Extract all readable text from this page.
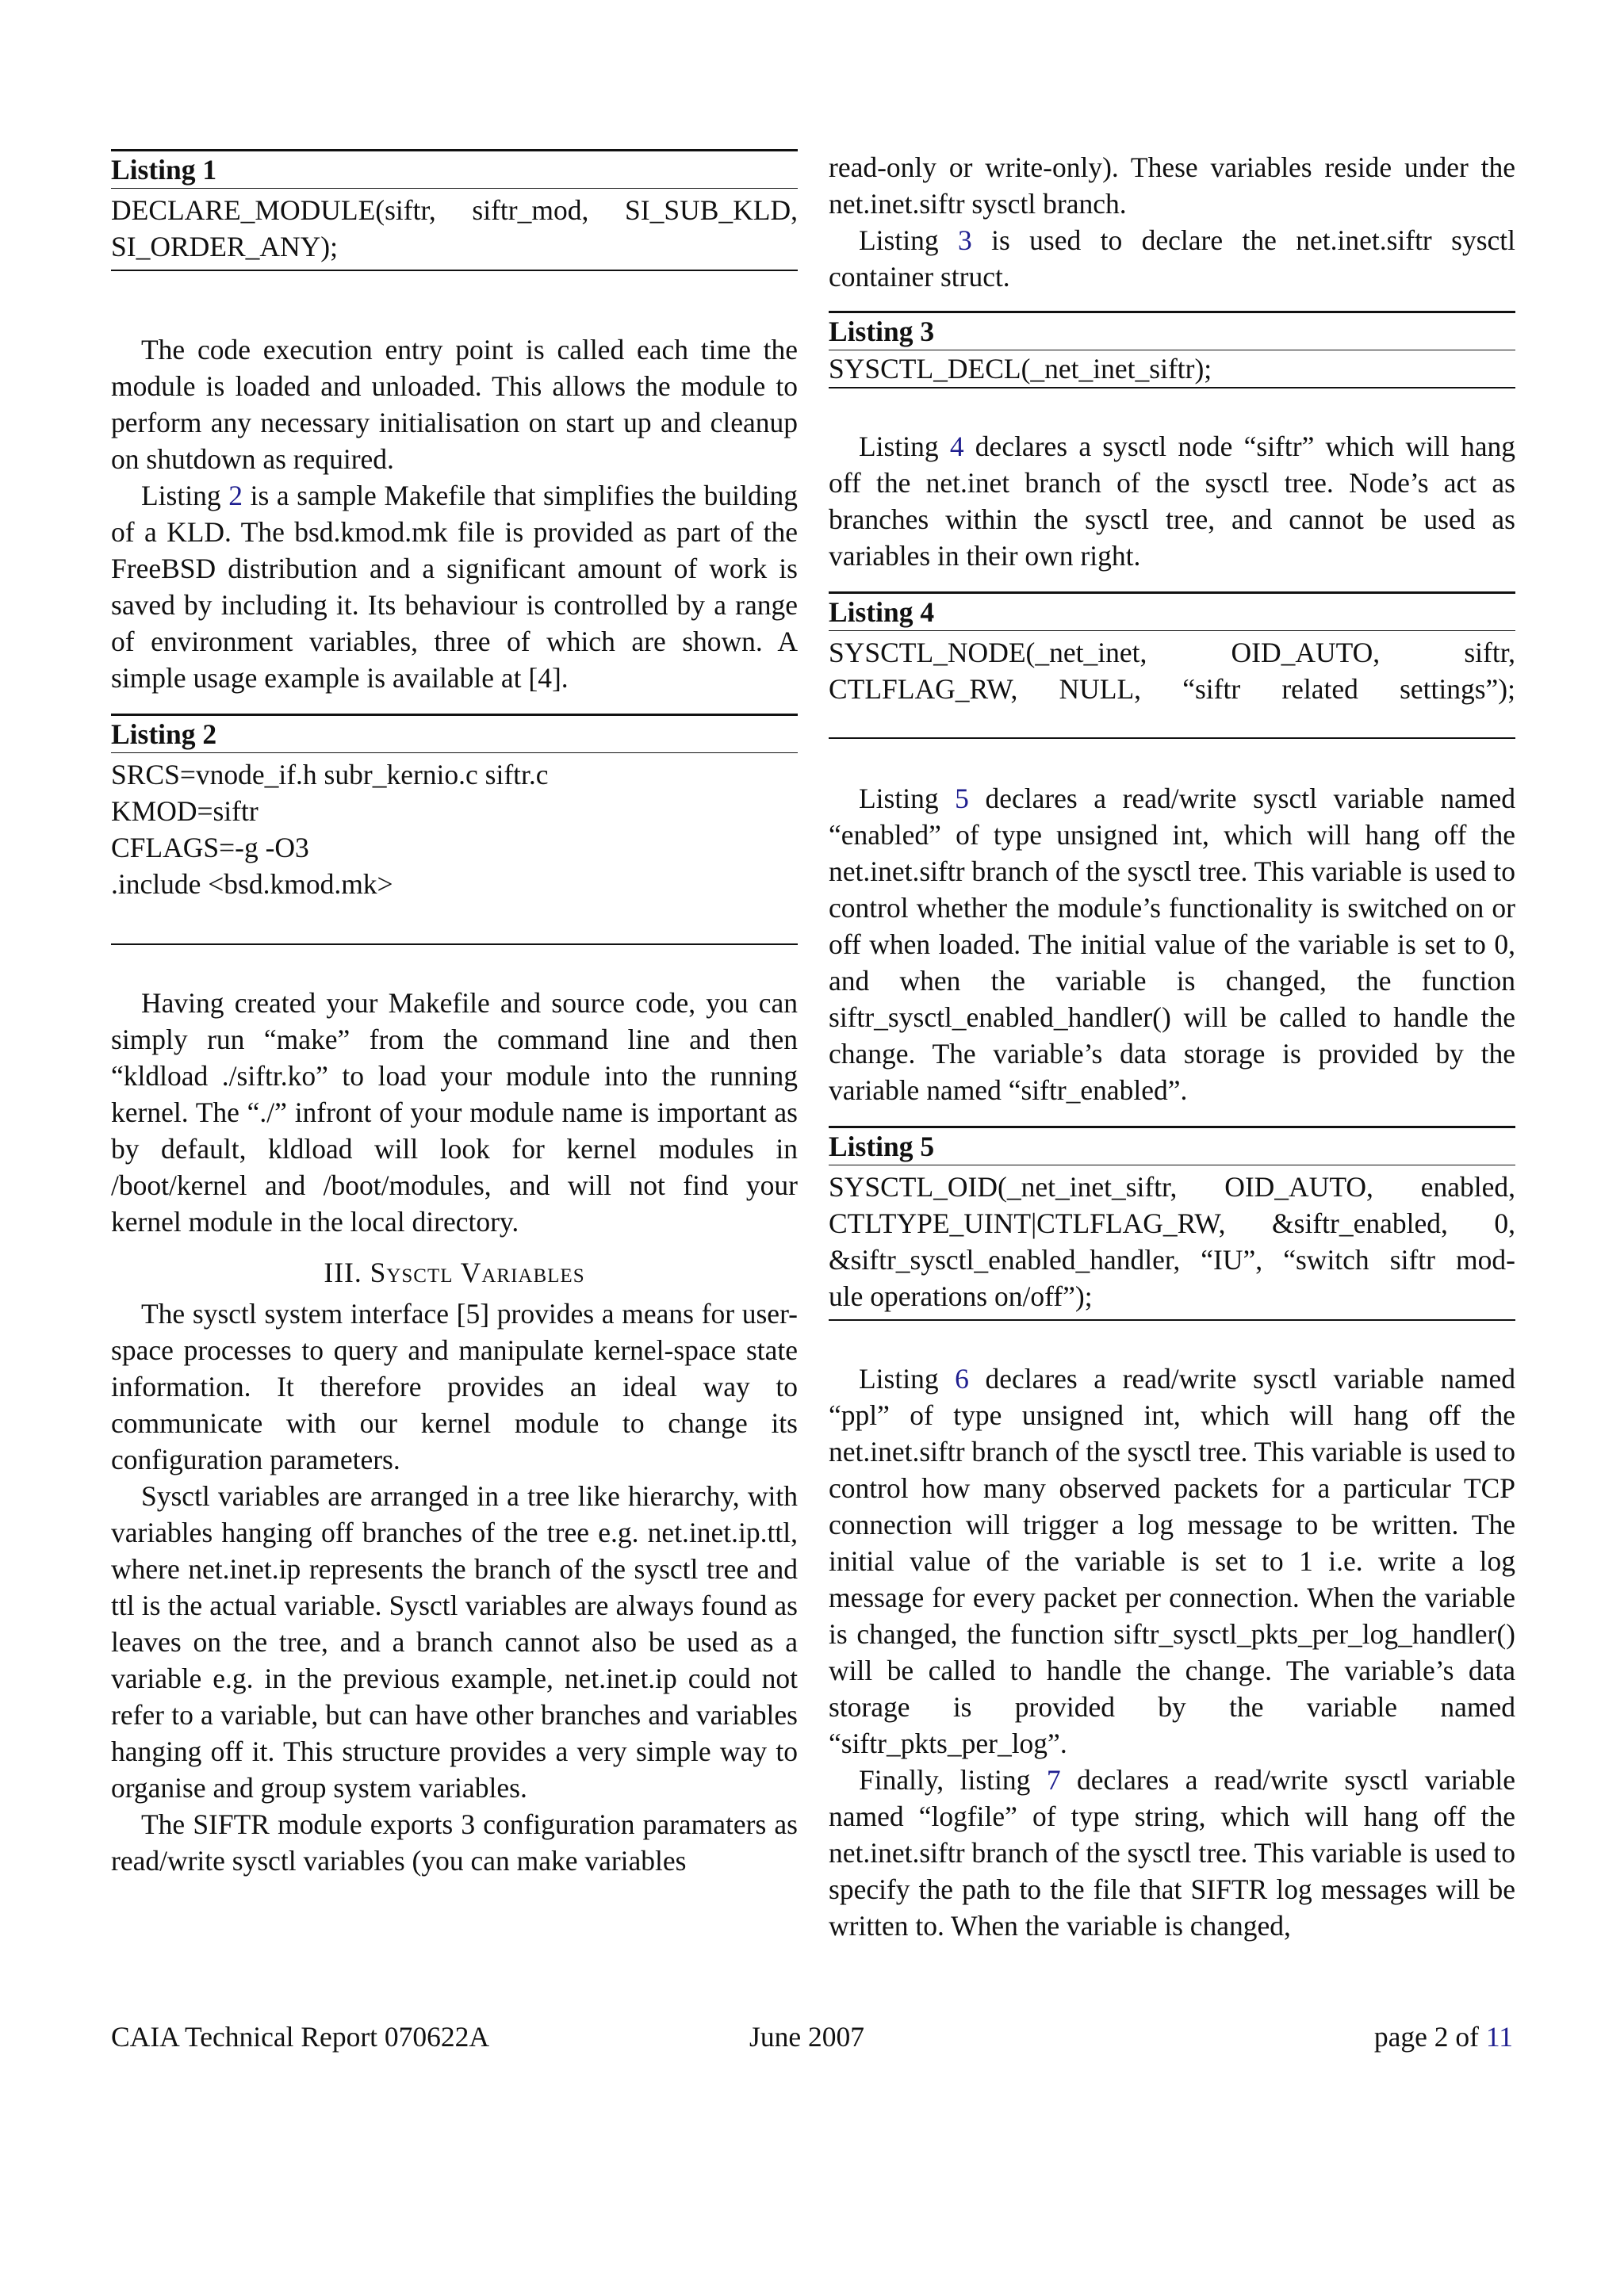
Listing 1
DECLARE_MODULE(siftr, siftr_mod, SI_SUB_KLD,
SI_ORDER_ANY);

The code execution entry point is called each time the module is loaded and unloaded. This allows the module to perform any necessary initialisation on start up and cleanup on shutdown as required.

Listing 2 is a sample Makefile that simplifies the building of a KLD. The bsd.kmod.mk file is provided as part of the FreeBSD distribution and a significant amount of work is saved by including it. Its behaviour is controlled by a range of environment variables, three of which are shown. A simple usage example is available at [4].

Listing 2
SRCS=vnode_if.h subr_kernio.c siftr.c
KMOD=siftr
CFLAGS=-g -O3
.include <bsd.kmod.mk>

Having created your Makefile and source code, you can simply run “make” from the command line and then “kldload ./siftr.ko” to load your module into the running kernel. The “./” infront of your module name is important as by default, kldload will look for kernel modules in /boot/kernel and /boot/modules, and will not find your kernel module in the local directory.

III. Sysctl Variables

The sysctl system interface [5] provides a means for user-space processes to query and manipulate kernel-space state information. It therefore provides an ideal way to communicate with our kernel module to change its configuration parameters.

Sysctl variables are arranged in a tree like hierarchy, with variables hanging off branches of the tree e.g. net.inet.ip.ttl, where net.inet.ip represents the branch of the sysctl tree and ttl is the actual variable. Sysctl variables are always found as leaves on the tree, and a branch cannot also be used as a variable e.g. in the previous example, net.inet.ip could not refer to a variable, but can have other branches and variables hanging off it. This structure provides a very simple way to organise and group system variables.

The SIFTR module exports 3 configuration paramaters as read/write sysctl variables (you can make variables

read-only or write-only). These variables reside under the net.inet.siftr sysctl branch.

Listing 3 is used to declare the net.inet.siftr sysctl container struct.

Listing 3
SYSCTL_DECL(_net_inet_siftr);

Listing 4 declares a sysctl node “siftr” which will hang off the net.inet branch of the sysctl tree. Node’s act as branches within the sysctl tree, and cannot be used as variables in their own right.

Listing 4
SYSCTL_NODE(_net_inet, OID_AUTO, siftr,
CTLFLAG_RW, NULL, “siftr related settings”);

Listing 5 declares a read/write sysctl variable named “enabled” of type unsigned int, which will hang off the net.inet.siftr branch of the sysctl tree. This variable is used to control whether the module’s functionality is switched on or off when loaded. The initial value of the variable is set to 0, and when the variable is changed, the function siftr_sysctl_enabled_handler() will be called to handle the change. The variable’s data storage is provided by the variable named “siftr_enabled”.

Listing 5
SYSCTL_OID(_net_inet_siftr, OID_AUTO, enabled,
CTLTYPE_UINT|CTLFLAG_RW, &siftr_enabled, 0,
&siftr_sysctl_enabled_handler, “IU”, “switch siftr mod-
ule operations on/off”);

Listing 6 declares a read/write sysctl variable named “ppl” of type unsigned int, which will hang off the net.inet.siftr branch of the sysctl tree. This variable is used to control how many observed packets for a particular TCP connection will trigger a log message to be written. The initial value of the variable is set to 1 i.e. write a log message for every packet per connection. When the variable is changed, the function siftr_sysctl_pkts_per_log_handler() will be called to handle the change. The variable’s data storage is provided by the variable named “siftr_pkts_per_log”.

Finally, listing 7 declares a read/write sysctl variable named “logfile” of type string, which will hang off the net.inet.siftr branch of the sysctl tree. This variable is used to specify the path to the file that SIFTR log messages will be written to. When the variable is changed,

CAIA Technical Report 070622A	June 2007	page 2 of 11
